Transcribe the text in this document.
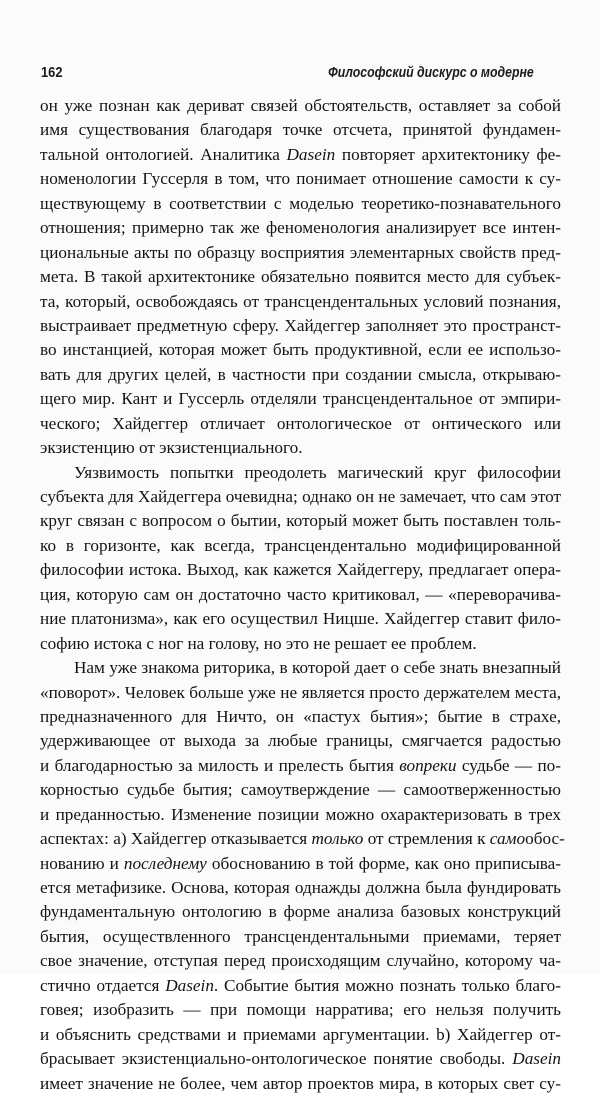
162	Философский дискурс о модерне
он уже познан как дериват связей обстоятельств, оставляет за собой
имя существования благодаря точке отсчета, принятой фундамен-
тальной онтологией. Аналитика Dasein повторяет архитектонику фе-
номенологии Гуссерля в том, что понимает отношение самости к су-
ществующему в соответствии с моделью теоретико-познавательного
отношения; примерно так же феноменология анализирует все интен-
циональные акты по образцу восприятия элементарных свойств пред-
мета. В такой архитектонике обязательно появится место для субъек-
та, который, освобождаясь от трансцендентальных условий познания,
выстраивает предметную сферу. Хайдеггер заполняет это пространст-
во инстанцией, которая может быть продуктивной, если ее использо-
вать для других целей, в частности при создании смысла, открываю-
щего мир. Кант и Гуссерль отделяли трансцендентальное от эмпири-
ческого; Хайдеггер отличает онтологическое от онтического или
экзистенцию от экзистенциального.
Уязвимость попытки преодолеть магический круг философии
субъекта для Хайдеггера очевидна; однако он не замечает, что сам этот
круг связан с вопросом о бытии, который может быть поставлен толь-
ко в горизонте, как всегда, трансцендентально модифицированной
философии истока. Выход, как кажется Хайдеггеру, предлагает опера-
ция, которую сам он достаточно часто критиковал, — «переворачива-
ние платонизма», как его осуществил Ницше. Хайдеггер ставит фило-
софию истока с ног на голову, но это не решает ее проблем.
Нам уже знакома риторика, в которой дает о себе знать внезапный
«поворот». Человек больше уже не является просто держателем места,
предназначенного для Ничто, он «пастух бытия»; бытие в страхе,
удерживающее от выхода за любые границы, смягчается радостью
и благодарностью за милость и прелесть бытия вопреки судьбе — по-
корностью судьбе бытия; самоутверждение — самоотверженностью
и преданностью. Изменение позиции можно охарактеризовать в трех
аспектах: а) Хайдеггер отказывается только от стремления к самообос-
нованию и последнему обоснованию в той форме, как оно приписыва-
ется метафизике. Основа, которая однажды должна была фундировать
фундаментальную онтологию в форме анализа базовых конструкций
бытия, осуществленного трансцендентальными приемами, теряет
свое значение, отступая перед происходящим случайно, которому ча-
стично отдается Dasein. Событие бытия можно познать только благо-
говея; изобразить — при помощи нарратива; его нельзя получить
и объяснить средствами и приемами аргументации. b) Хайдеггер от-
брасывает экзистенциально-онтологическое понятие свободы. Dasein
имеет значение не более, чем автор проектов мира, в которых свет су-
